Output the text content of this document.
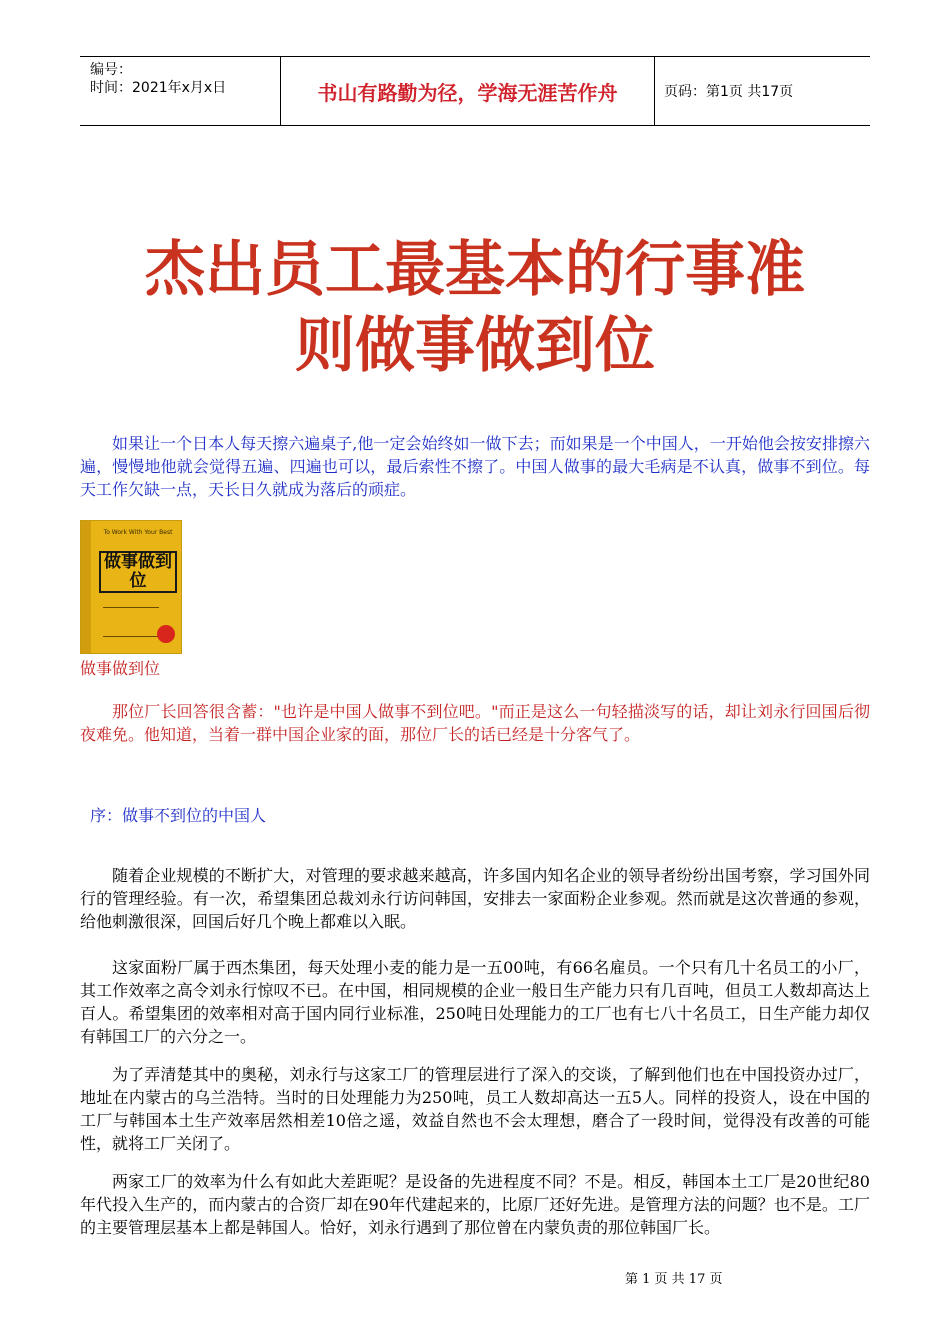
编号：
时间：2021年x月x日	书山有路勤为径，学海无涯苦作舟	页码：第1页 共17页
杰出员工最基本的行事准
则做事做到位
如果让一个日本人每天擦六遍桌子,他一定会始终如一做下去；而如果是一个中国人，一开始他会按安排擦六遍，慢慢地他就会觉得五遍、四遍也可以，最后索性不擦了。中国人做事的最大毛病是不认真，做事不到位。每天工作欠缺一点，天长日久就成为落后的顽症。
To Work With Your Best
做事做到位
做事做到位
那位厂长回答很含蓄："也许是中国人做事不到位吧。"而正是这么一句轻描淡写的话，却让刘永行回国后彻夜难免。他知道，当着一群中国企业家的面，那位厂长的话已经是十分客气了。
序：做事不到位的中国人
随着企业规模的不断扩大，对管理的要求越来越高，许多国内知名企业的领导者纷纷出国考察，学习国外同行的管理经验。有一次，希望集团总裁刘永行访问韩国，安排去一家面粉企业参观。然而就是这次普通的参观，给他刺激很深，回国后好几个晚上都难以入眠。
这家面粉厂属于西杰集团，每天处理小麦的能力是一五00吨，有66名雇员。一个只有几十名员工的小厂，其工作效率之高令刘永行惊叹不已。在中国，相同规模的企业一般日生产能力只有几百吨，但员工人数却高达上百人。希望集团的效率相对高于国内同行业标准，250吨日处理能力的工厂也有七八十名员工，日生产能力却仅有韩国工厂的六分之一。
为了弄清楚其中的奥秘，刘永行与这家工厂的管理层进行了深入的交谈，了解到他们也在中国投资办过厂，地址在内蒙古的乌兰浩特。当时的日处理能力为250吨，员工人数却高达一五5人。同样的投资人，设在中国的工厂与韩国本土生产效率居然相差10倍之遥，效益自然也不会太理想，磨合了一段时间，觉得没有改善的可能性，就将工厂关闭了。
两家工厂的效率为什么有如此大差距呢？是设备的先进程度不同？不是。相反，韩国本土工厂是20世纪80年代投入生产的，而内蒙古的合资厂却在90年代建起来的，比原厂还好先进。是管理方法的问题？也不是。工厂的主要管理层基本上都是韩国人。恰好，刘永行遇到了那位曾在内蒙负责的那位韩国厂长。
第 1 页 共 17 页
